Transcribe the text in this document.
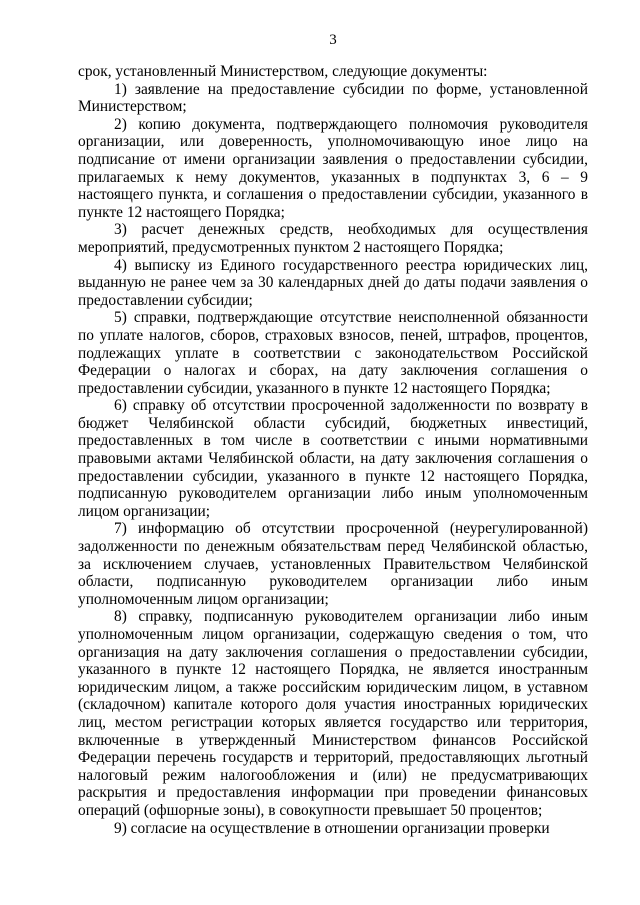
3

срок, установленный Министерством, следующие документы:

1) заявление на предоставление субсидии по форме, установленной Министерством;

2) копию документа, подтверждающего полномочия руководителя организации, или доверенность, уполномочивающую иное лицо на подписание от имени организации заявления о предоставлении субсидии, прилагаемых к нему документов, указанных в подпунктах 3, 6 – 9 настоящего пункта, и соглашения о предоставлении субсидии, указанного в пункте 12 настоящего Порядка;

3) расчет денежных средств, необходимых для осуществления мероприятий, предусмотренных пунктом 2 настоящего Порядка;

4) выписку из Единого государственного реестра юридических лиц, выданную не ранее чем за 30 календарных дней до даты подачи заявления о предоставлении субсидии;

5) справки, подтверждающие отсутствие неисполненной обязанности по уплате налогов, сборов, страховых взносов, пеней, штрафов, процентов, подлежащих уплате в соответствии с законодательством Российской Федерации о налогах и сборах, на дату заключения соглашения о предоставлении субсидии, указанного в пункте 12 настоящего Порядка;

6) справку об отсутствии просроченной задолженности по возврату в бюджет Челябинской области субсидий, бюджетных инвестиций, предоставленных в том числе в соответствии с иными нормативными правовыми актами Челябинской области, на дату заключения соглашения о предоставлении субсидии, указанного в пункте 12 настоящего Порядка, подписанную руководителем организации либо иным уполномоченным лицом организации;

7) информацию об отсутствии просроченной (неурегулированной) задолженности по денежным обязательствам перед Челябинской областью, за исключением случаев, установленных Правительством Челябинской области, подписанную руководителем организации либо иным уполномоченным лицом организации;

8) справку, подписанную руководителем организации либо иным уполномоченным лицом организации, содержащую сведения о том, что организация на дату заключения соглашения о предоставлении субсидии, указанного в пункте 12 настоящего Порядка, не является иностранным юридическим лицом, а также российским юридическим лицом, в уставном (складочном) капитале которого доля участия иностранных юридических лиц, местом регистрации которых является государство или территория, включенные в утвержденный Министерством финансов Российской Федерации перечень государств и территорий, предоставляющих льготный налоговый режим налогообложения и (или) не предусматривающих раскрытия и предоставления информации при проведении финансовых операций (офшорные зоны), в совокупности превышает 50 процентов;

9) согласие на осуществление в отношении организации проверки
